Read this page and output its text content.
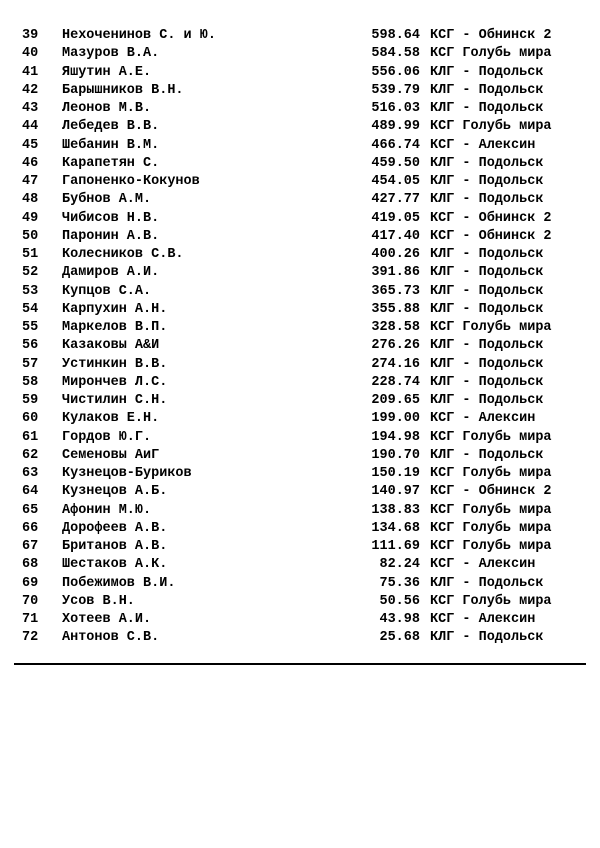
39	Нехоченинов С. и Ю.	598.64 КСГ - Обнинск 2
40	Мазуров В.А.	584.58 КСГ Голубь мира
41	Яшутин А.Е.	556.06 КЛГ - Подольск
42	Барышников В.Н.	539.79 КЛГ - Подольск
43	Леонов М.В.	516.03 КЛГ - Подольск
44	Лебедев В.В.	489.99 КСГ Голубь мира
45	Шебанин В.М.	466.74 КСГ - Алексин
46	Карапетян С.	459.50 КЛГ - Подольск
47	Гапоненко-Кокунов	454.05 КЛГ - Подольск
48	Бубнов А.М.	427.77 КЛГ - Подольск
49	Чибисов Н.В.	419.05 КСГ - Обнинск 2
50	Паронин А.В.	417.40 КСГ - Обнинск 2
51	Колесников С.В.	400.26 КЛГ - Подольск
52	Дамиров А.И.	391.86 КЛГ - Подольск
53	Купцов С.А.	365.73 КЛГ - Подольск
54	Карпухин А.Н.	355.88 КЛГ - Подольск
55	Маркелов В.П.	328.58 КСГ Голубь мира
56	Казаковы А&И	276.26 КЛГ - Подольск
57	Устинкин В.В.	274.16 КЛГ - Подольск
58	Мирончев Л.С.	228.74 КЛГ - Подольск
59	Чистилин С.Н.	209.65 КЛГ - Подольск
60	Кулаков Е.Н.	199.00 КСГ - Алексин
61	Гордов Ю.Г.	194.98 КСГ Голубь мира
62	Семеновы АиГ	190.70 КЛГ - Подольск
63	Кузнецов-Буриков	150.19 КСГ Голубь мира
64	Кузнецов А.Б.	140.97 КСГ - Обнинск 2
65	Афонин М.Ю.	138.83 КСГ Голубь мира
66	Дорофеев А.В.	134.68 КСГ Голубь мира
67	Британов А.В.	111.69 КСГ Голубь мира
68	Шестаков А.К.	82.24 КСГ - Алексин
69	Побежимов В.И.	75.36 КЛГ - Подольск
70	Усов В.Н.	50.56 КСГ Голубь мира
71	Хотеев А.И.	43.98 КСГ - Алексин
72	Антонов С.В.	25.68 КЛГ - Подольск
